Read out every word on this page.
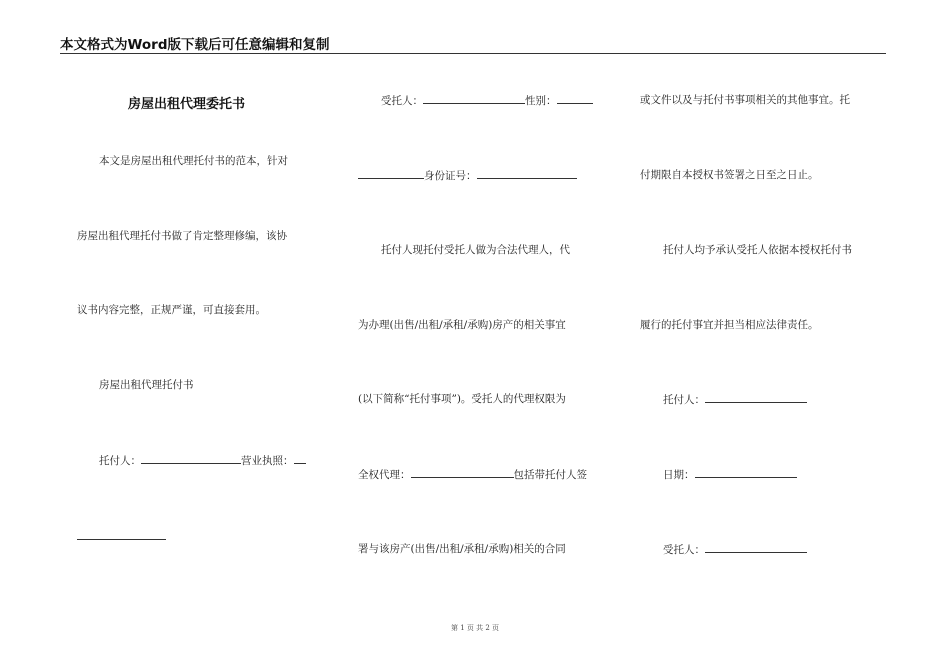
本文格式为Word版下载后可任意编辑和复制
房屋出租代理委托书
本文是房屋出租代理托付书的范本，针对
房屋出租代理托付书做了肯定整理修编，该协
议书内容完整，正规严谨，可直接套用。
房屋出租代理托付书
托付人：	营业执照：
受托人：	性别：
身份证号：
托付人现托付受托人做为合法代理人，代
为办理(出售/出租/承租/承购)房产的相关事宜
(以下简称“托付事项”)。受托人的代理权限为
全权代理：	包括带托付人签
署与该房产(出售/出租/承租/承购)相关的合同
或文件以及与托付书事项相关的其他事宜。托
付期限自本授权书签署之日至之日止。
托付人均予承认受托人依据本授权托付书
履行的托付事宜并担当相应法律责任。
托付人：
日期：
受托人：
第 1 页 共 2 页
